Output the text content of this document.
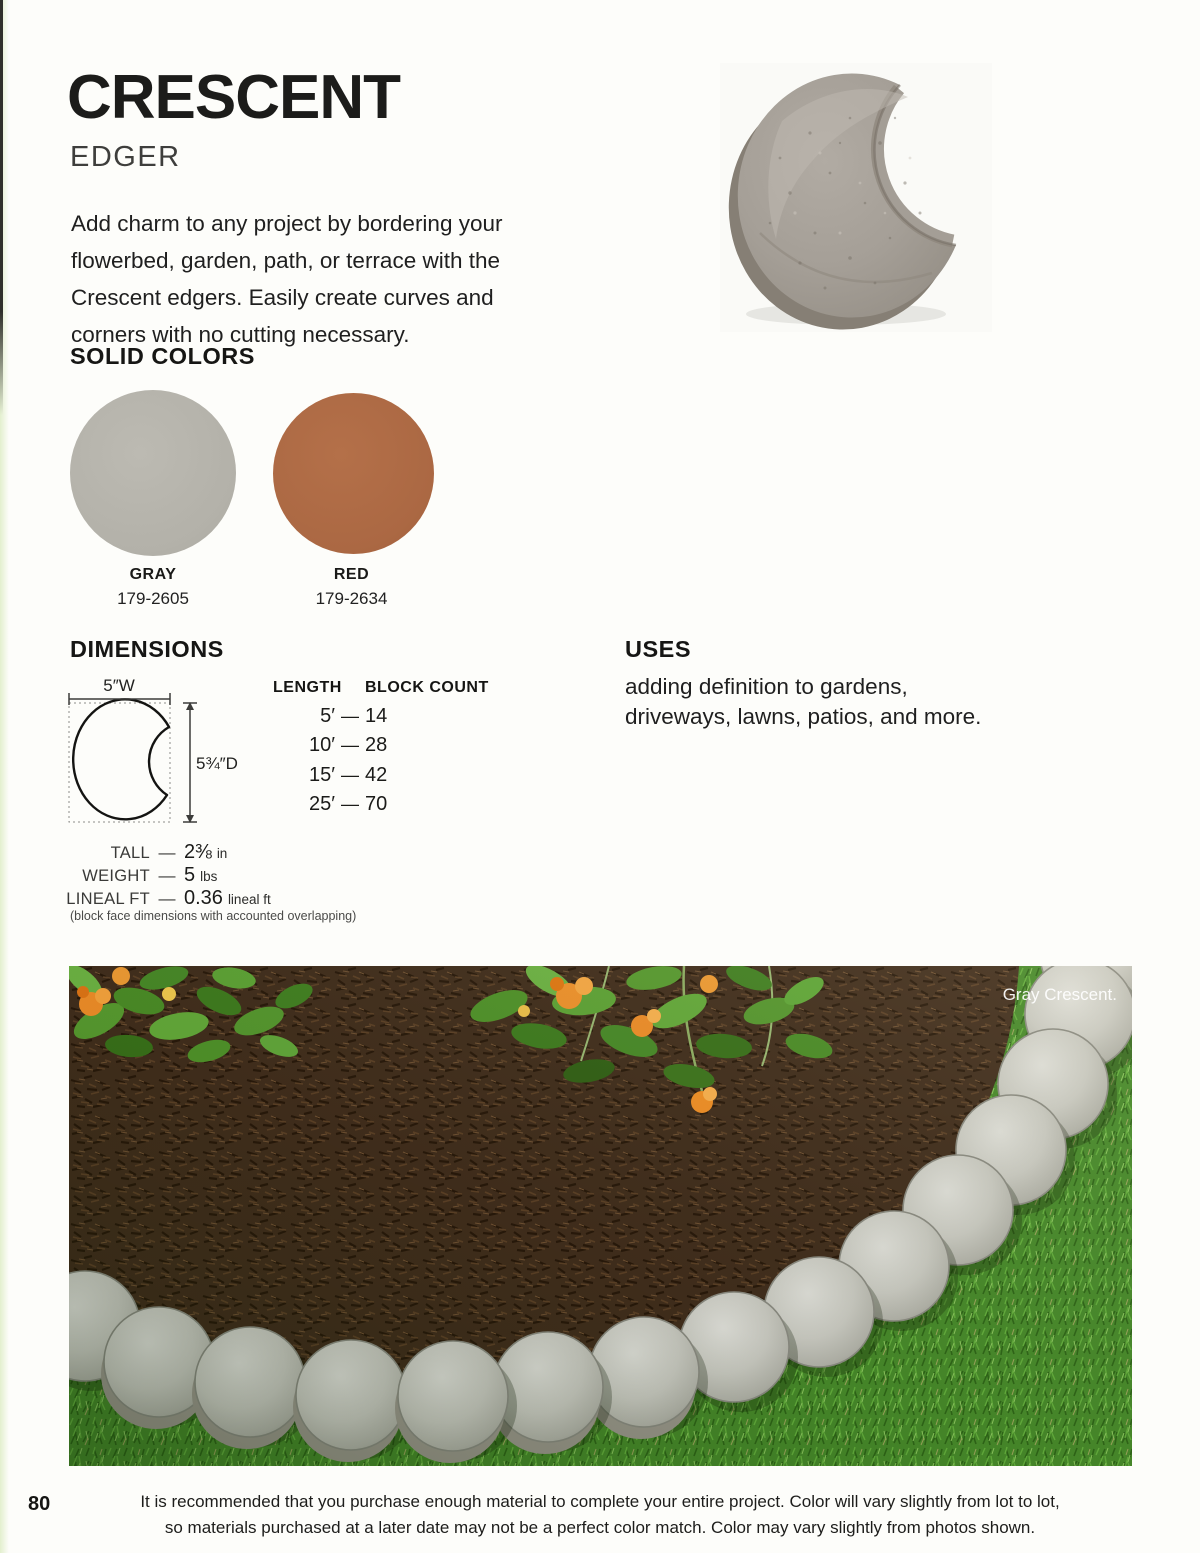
CRESCENT
EDGER
Add charm to any project by bordering your flowerbed, garden, path, or terrace with the Crescent edgers. Easily create curves and corners with no cutting necessary.
SOLID COLORS
GRAY
179-2605
RED
179-2634
DIMENSIONS
5″W
5¾″D
LENGTH	BLOCK COUNT
5′ — 14
10′ — 28
15′ — 42
25′ — 70
TALL — 2⅜ in
WEIGHT — 5 lbs
LINEAL FT — 0.36 lineal ft
(block face dimensions with accounted overlapping)
USES
adding definition to gardens,
driveways, lawns, patios, and more.
Gray Crescent.
It is recommended that you purchase enough material to complete your entire project. Color will vary slightly from lot to lot,
so materials purchased at a later date may not be a perfect color match. Color may vary slightly from photos shown.
80
